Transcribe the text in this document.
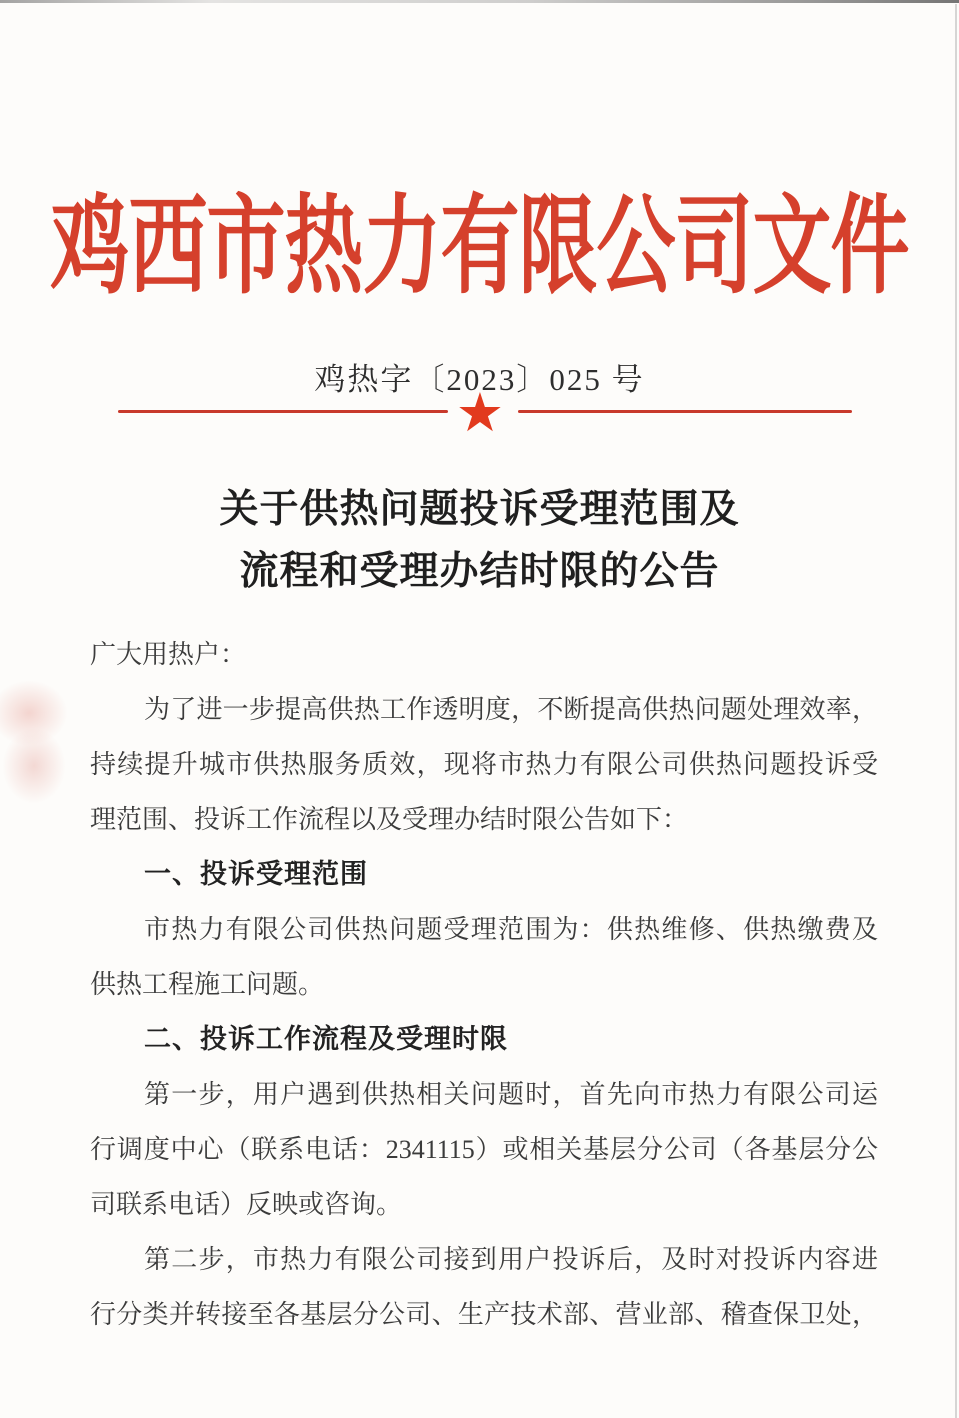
鸡西市热力有限公司文件
鸡热字〔2023〕025 号
★
关于供热问题投诉受理范围及
流程和受理办结时限的公告
广大用热户：
为了进一步提高供热工作透明度，不断提高供热问题处理效率，
持续提升城市供热服务质效，现将市热力有限公司供热问题投诉受
理范围、投诉工作流程以及受理办结时限公告如下：
一、投诉受理范围
市热力有限公司供热问题受理范围为：供热维修、供热缴费及
供热工程施工问题。
二、投诉工作流程及受理时限
第一步，用户遇到供热相关问题时，首先向市热力有限公司运
行调度中心（联系电话：2341115）或相关基层分公司（各基层分公
司联系电话）反映或咨询。
第二步，市热力有限公司接到用户投诉后，及时对投诉内容进
行分类并转接至各基层分公司、生产技术部、营业部、稽查保卫处，
